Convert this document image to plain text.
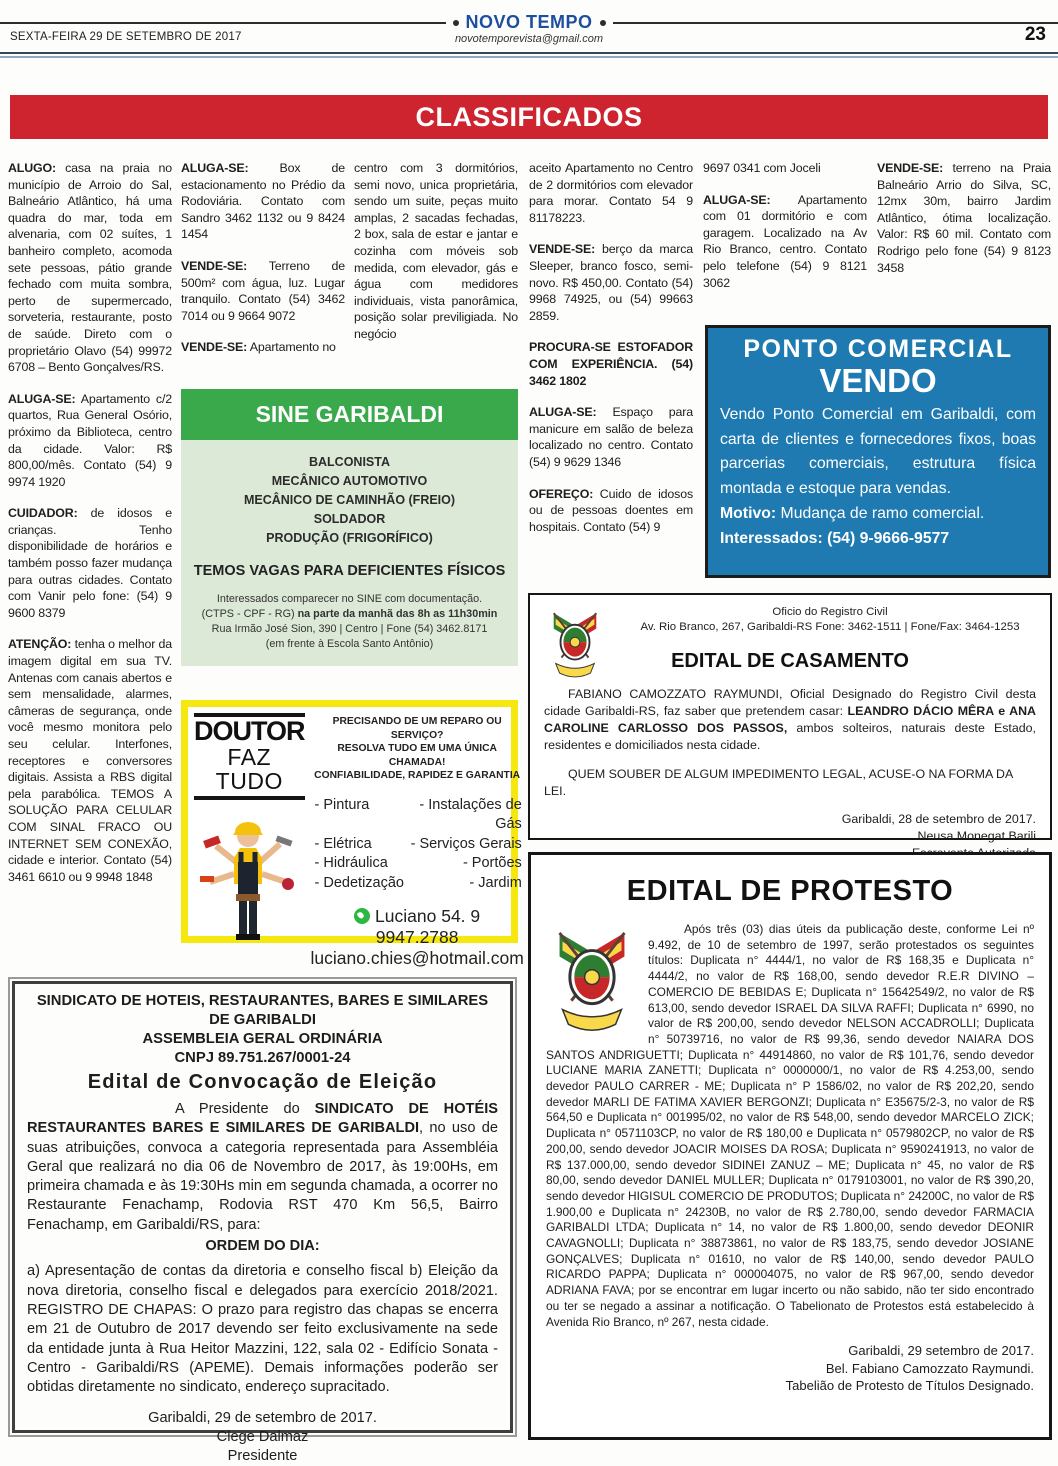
NOVO TEMPO
novotemporevista@gmail.com
SEXTA-FEIRA 29 DE SETEMBRO DE 2017	23
CLASSIFICADOS
ALUGO: casa na praia no município de Arroio do Sal, Balneário Atlântico, há uma quadra do mar, toda em alvenaria, com 02 suítes, 1 banheiro completo, acomoda sete pessoas, pátio grande fechado com muita sombra, perto de supermercado, sorveteria, restaurante, posto de saúde. Direto com o proprietário Olavo (54) 99972 6708 – Bento Gonçalves/RS.
ALUGA-SE: Apartamento c/2 quartos, Rua General Osório, próximo da Biblioteca, centro da cidade. Valor: R$ 800,00/mês. Contato (54) 9 9974 1920
CUIDADOR: de idosos e crianças. Tenho disponibilidade de horários e também posso fazer mudança para outras cidades. Contato com Vanir pelo fone: (54) 9 9600 8379
ATENÇÃO: tenha o melhor da imagem digital em sua TV. Antenas com canais abertos e sem mensalidade, alarmes, câmeras de segurança, onde você mesmo monitora pelo seu celular. Interfones, receptores e conversores digitais. Assista a RBS digital pela parabólica. TEMOS A SOLUÇÃO PARA CELULAR COM SINAL FRACO OU INTERNET SEM CONEXÃO, cidade e interior. Contato (54) 3461 6610 ou 9 9948 1848
ALUGA-SE:	Box de estacionamento no Prédio da Rodoviária. Contato com Sandro 3462 1132 ou 9 8424 1454
VENDE-SE: Terreno de 500m² com água, luz. Lugar tranquilo. Contato (54) 3462 7014 ou 9 9664 9072
VENDE-SE: Apartamento no
centro com 3 dormitórios, semi novo, unica proprietária, sendo um suite, peças muito amplas, 2 sacadas fechadas, 2 box, sala de estar e jantar e cozinha com móveis sob medida, com elevador, gás e água com medidores individuais, vista panorâmica, posição solar previligiada. No negócio
aceito Apartamento no Centro de 2 dormitórios com elevador para morar. Contato 54 9 81178223.
VENDE-SE: berço da marca Sleeper, branco fosco, semi-novo. R$ 450,00. Contato (54) 9968 74925, ou (54) 99663 2859.
PROCURA-SE ESTOFADOR COM EXPERIÊNCIA. (54) 3462 1802
ALUGA-SE: Espaço para manicure em salão de beleza localizado no centro. Contato (54) 9 9629 1346
OFEREÇO: Cuido de idosos ou de pessoas doentes em hospitais. Contato (54) 9
9697 0341 com Joceli
ALUGA-SE: Apartamento com 01 dormitório e com garagem. Localizado na Av Rio Branco, centro. Contato pelo telefone (54) 9 8121 3062
VENDE-SE: terreno na Praia Balneário Arrio do Silva, SC, 12mx 30m, bairro Jardim Atlântico, ótima localização. Valor: R$ 60 mil. Contato com Rodrigo pelo fone (54) 9 8123 3458
SINE GARIBALDI
BALCONISTA
MECÂNICO AUTOMOTIVO
MECÂNICO DE CAMINHÃO (FREIO)
SOLDADOR
PRODUÇÃO (FRIGORÍFICO)
TEMOS VAGAS PARA DEFICIENTES FÍSICOS
Interessados comparecer no SINE com documentação.
(CTPS - CPF - RG) na parte da manhã das 8h as 11h30min
Rua Irmão José Sion, 390 | Centro | Fone (54) 3462.8171
(em frente à Escola Santo Antônio)
DOUTOR
FAZ TUDO
PRECISANDO DE UM REPARO OU SERVIÇO?
RESOLVA TUDO EM UMA ÚNICA CHAMADA!
CONFIABILIDADE, RAPIDEZ E GARANTIA
- Pintura	- Instalações de Gás
- Elétrica	- Serviços Gerais
- Hidráulica	- Portões
- Dedetização	- Jardim
Luciano 54. 9 9947.2788
luciano.chies@hotmail.com
PONTO COMERCIAL
VENDO
Vendo Ponto Comercial em Garibaldi, com carta de clientes e fornecedores fixos, boas parcerias comerciais, estrutura física montada e estoque para vendas.
Motivo: Mudança de ramo comercial.
Interessados: (54) 9-9666-9577
Oficio do Registro Civil
Av. Rio Branco, 267, Garibaldi-RS Fone: 3462-1511 | Fone/Fax: 3464-1253
EDITAL DE CASAMENTO
FABIANO CAMOZZATO RAYMUNDI, Oficial Designado do Registro Civil desta cidade Garibaldi-RS, faz saber que pretendem casar: LEANDRO DÁCIO MÊRA e ANA CAROLINE CARLOSSO DOS PASSOS, ambos solteiros, naturais deste Estado, residentes e domiciliados nesta cidade.
QUEM SOUBER DE ALGUM IMPEDIMENTO LEGAL, ACUSE-O NA FORMA DA LEI.
Garibaldi, 28 de setembro de 2017.
Neusa Monegat Barili
EDITAL DE PROTESTO

Após três (03) dias úteis da publicação deste, conforme Lei nº 9.492, de 10 de setembro de 1997, serão protestados os seguintes títulos: Duplicata n° 4444/1, no valor de R$ 168,35 e Duplicata n° 4444/2, no valor de R$ 168,00, sendo devedor R.E.R DIVINO – COMERCIO DE BEBIDAS E; Duplicata n° 15642549/2, no valor de R$ 613,00, sendo devedor ISRAEL DA SILVA RAFFI; Duplicata n° 6990, no valor de R$ 200,00, sendo devedor NELSON ACCADROLLI; Duplicata n° 50739716, no valor de R$ 99,36, sendo devedor NAIARA DOS SANTOS ANDRIGUETTI; Duplicata n° 44914860, no valor de R$ 101,76, sendo devedor LUCIANE MARIA ZANETTI; Duplicata n° 0000000/1, no valor de R$ 4.253,00, sendo devedor PAULO CARRER - ME; Duplicata n° P 1586/02, no valor de R$ 202,20, sendo devedor MARLI DE FATIMA XAVIER BERGONZI; Duplicata n° E35675/2-3, no valor de R$ 564,50 e Duplicata n° 001995/02, no valor de R$ 548,00, sendo devedor MARCELO ZICK; Duplicata n° 0571103CP, no valor de R$ 180,00 e Duplicata n° 0579802CP, no valor de R$ 200,00, sendo devedor JOACIR MOISES DA ROSA; Duplicata n° 9590241913, no valor de R$ 137.000,00, sendo devedor SIDINEI ZANUZ – ME; Duplicata n° 45, no valor de R$ 80,00, sendo devedor DANIEL MULLER; Duplicata n° 0179103001, no valor de R$ 390,20, sendo devedor HIGISUL COMERCIO DE PRODUTOS; Duplicata n° 24200C, no valor de R$ 1.900,00 e Duplicata n° 24230B, no valor de R$ 2.780,00, sendo devedor FARMACIA GARIBALDI LTDA; Duplicata n° 14, no valor de R$ 1.800,00, sendo devedor DEONIR CAVAGNOLLI; Duplicata n° 38873861, no valor de R$ 183,75, sendo devedor JOSIANE GONÇALVES; Duplicata n° 01610, no valor de R$ 140,00, sendo devedor PAULO RICARDO PAPPA; Duplicata n° 000004075, no valor de R$ 967,00, sendo devedor ADRIANA FAVA; por se encontrar em lugar incerto ou não sabido, não ter sido encontrado ou ter se negado a assinar a notificação. O Tabelionato de Protestos está estabelecido à Avenida Rio Branco, nº 267, nesta cidade.

Garibaldi, 29 setembro de 2017.
Bel. Fabiano Camozzato Raymundi.
Tabelião de Protesto de Títulos Designado.
SINDICATO DE HOTEIS, RESTAURANTES, BARES E SIMILARES
DE GARIBALDI
ASSEMBLEIA GERAL ORDINÁRIA
CNPJ 89.751.267/0001-24
Edital de Convocação de Eleição

A Presidente do SINDICATO DE HOTÉIS RESTAURANTES BARES E SIMILARES DE GARIBALDI, no uso de suas atribuições, convoca a categoria representada para Assembléia Geral que realizará no dia 06 de Novembro de 2017, às 19:00Hs, em primeira chamada e às 19:30Hs min em segunda chamada, a ocorrer no Restaurante Fenachamp, Rodovia RST 470 Km 56,5, Bairro Fenachamp, em Garibaldi/RS, para:

ORDEM DO DIA:

a) Apresentação de contas da diretoria e conselho fiscal b) Eleição da nova diretoria, conselho fiscal e delegados para exercício 2018/2021. REGISTRO DE CHAPAS: O prazo para registro das chapas se encerra em 21 de Outubro de 2017 devendo ser feito exclusivamente na sede da entidade junta à Rua Heitor Mazzini, 122, sala 02 - Edifício Sonata - Centro - Garibaldi/RS (APEME). Demais informações poderão ser obtidas diretamente no sindicato, endereço supracitado.

Garibaldi, 29 de setembro de 2017.
Clege Dalmaz
Presidente
